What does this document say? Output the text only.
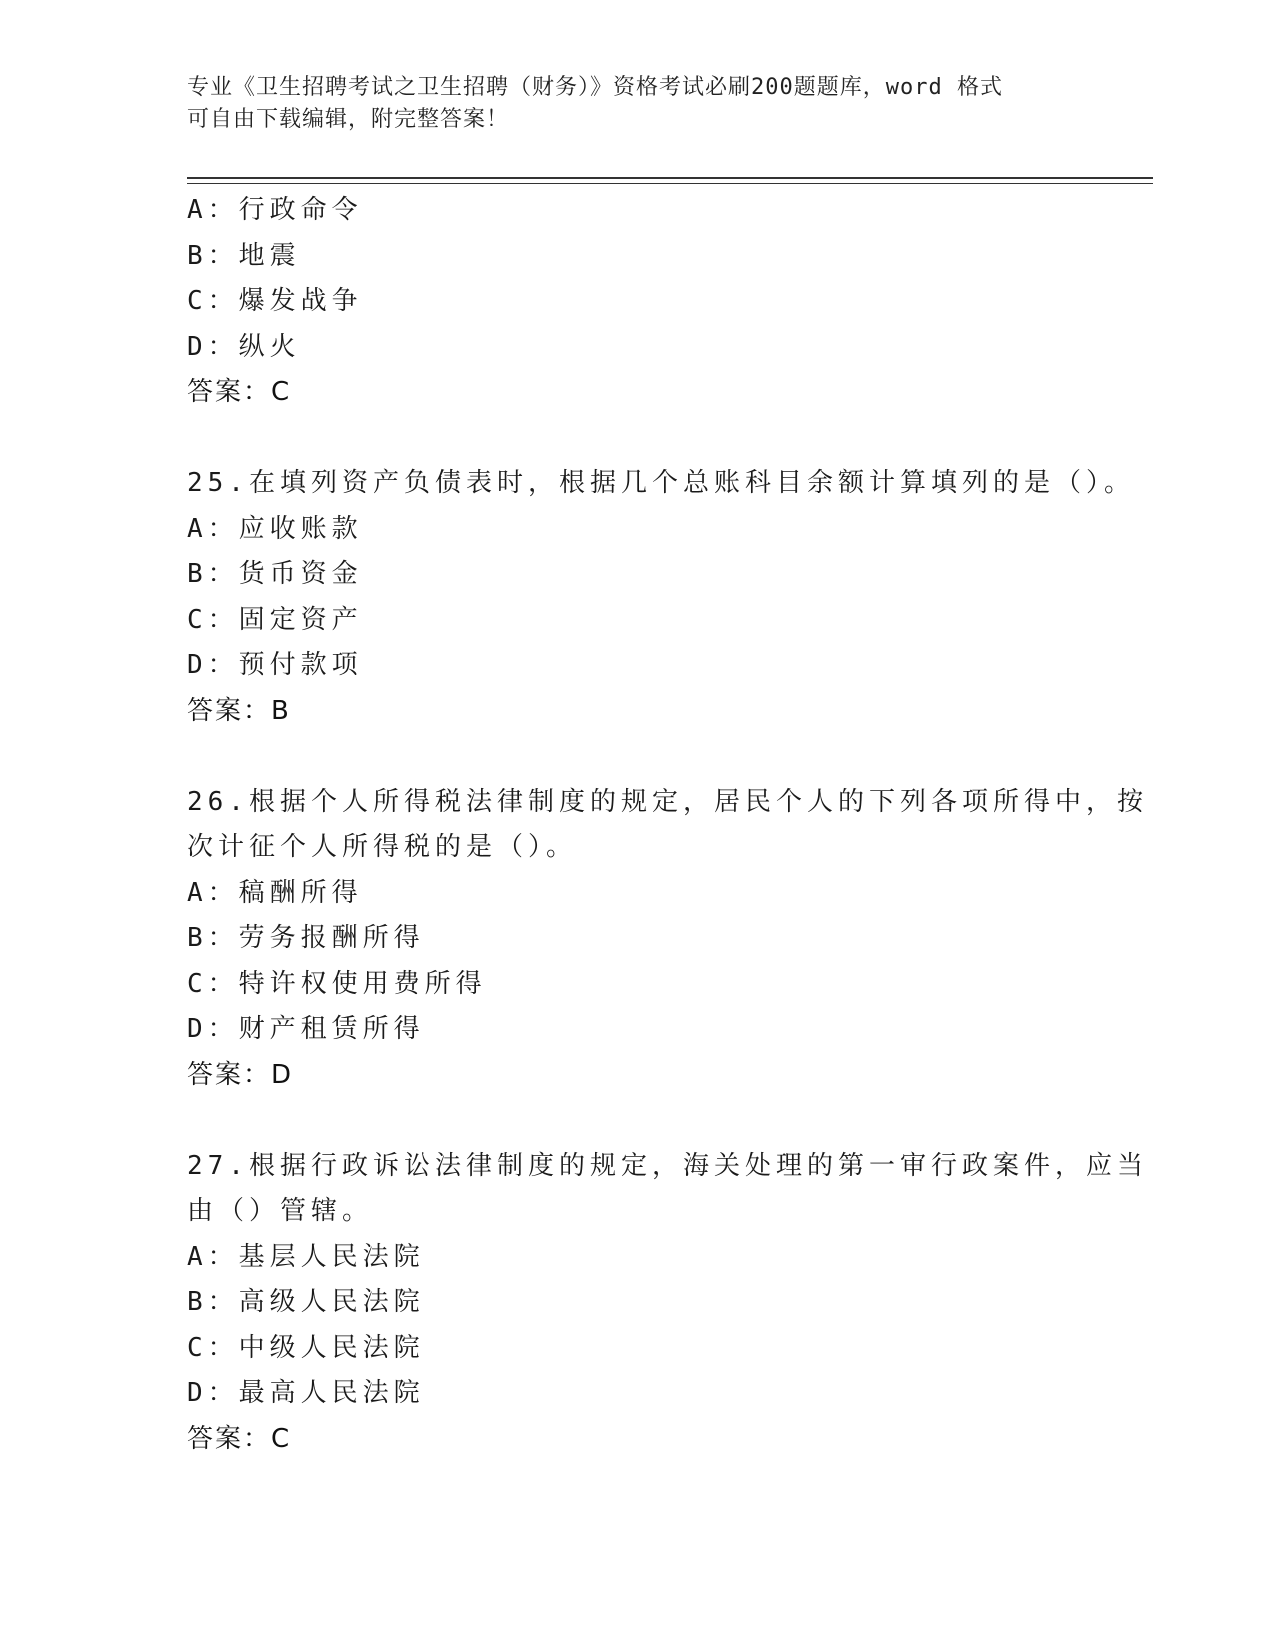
专业《卫生招聘考试之卫生招聘（财务）》资格考试必刷200题题库，word 格式
可自由下载编辑，附完整答案！
A：行政命令
B：地震
C：爆发战争
D：纵火
答案：C
25.在填列资产负债表时，根据几个总账科目余额计算填列的是（）。
A：应收账款
B：货币资金
C：固定资产
D：预付款项
答案：B
26.根据个人所得税法律制度的规定，居民个人的下列各项所得中，按
次计征个人所得税的是（）。
A：稿酬所得
B：劳务报酬所得
C：特许权使用费所得
D：财产租赁所得
答案：D
27.根据行政诉讼法律制度的规定，海关处理的第一审行政案件，应当
由（）管辖。
A：基层人民法院
B：高级人民法院
C：中级人民法院
D：最高人民法院
答案：C
